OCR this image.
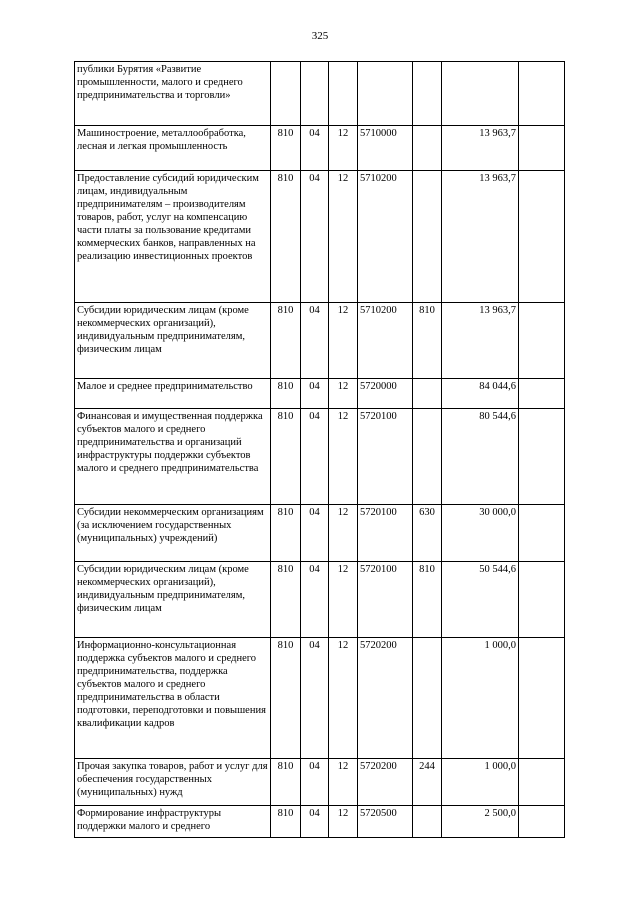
325
публики Бурятия «Развитие промышленности, малого и среднего предпринимательства и торговли»							
Машиностроение, металлообработка, лесная и легкая промышленность	810	04	12	5710000		13 963,7	
Предоставление субсидий юридическим лицам, индивидуальным предпринимателям – производителям товаров, работ, услуг на компенсацию части платы за пользование кредитами коммерческих банков, направленных на реализацию инвестиционных проектов	810	04	12	5710200		13 963,7	
Субсидии юридическим лицам (кроме некоммерческих организаций), индивидуальным предпринимателям, физическим лицам	810	04	12	5710200	810	13 963,7	
Малое и среднее предпринимательство	810	04	12	5720000		84 044,6	
Финансовая и имущественная поддержка субъектов малого и среднего предпринимательства и организаций инфраструктуры поддержки субъектов малого и среднего предпринимательства	810	04	12	5720100		80 544,6	
Субсидии некоммерческим организациям (за исключением государственных (муниципальных) учреждений)	810	04	12	5720100	630	30 000,0	
Субсидии юридическим лицам (кроме некоммерческих организаций), индивидуальным предпринимателям, физическим лицам	810	04	12	5720100	810	50 544,6	
Информационно-консультационная поддержка субъектов малого и среднего предпринимательства, поддержка субъектов малого и среднего предпринимательства в области подготовки, переподготовки и повышения квалификации кадров	810	04	12	5720200		1 000,0	
Прочая закупка товаров, работ и услуг для обеспечения государственных (муниципальных) нужд	810	04	12	5720200	244	1 000,0	
Формирование инфраструктуры поддержки малого и среднего	810	04	12	5720500		2 500,0	
